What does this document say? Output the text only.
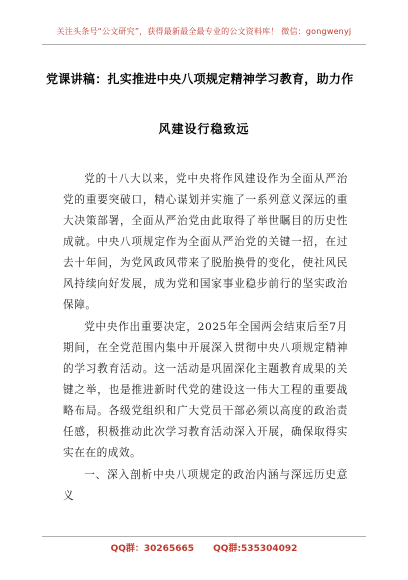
关注头条号“公文研究”，获得最新最全最专业的公文资料库！ 微信：gongwenyj
党课讲稿：扎实推进中央八项规定精神学习教育，助力作
风建设行稳致远

党的十八大以来，党中央将作风建设作为全面从严治党的重要突破口，精心谋划并实施了一系列意义深远的重大决策部署，全面从严治党由此取得了举世瞩目的历史性成就。中央八项规定作为全面从严治党的关键一招，在过去十年间，为党风政风带来了脱胎换骨的变化，使社风民风持续向好发展，成为党和国家事业稳步前行的坚实政治保障。

党中央作出重要决定，2025年全国两会结束后至7月期间，在全党范围内集中开展深入贯彻中央八项规定精神的学习教育活动。这一活动是巩固深化主题教育成果的关键之举，也是推进新时代党的建设这一伟大工程的重要战略布局。各级党组织和广大党员干部必须以高度的政治责任感，积极推动此次学习教育活动深入开展，确保取得实实在在的成效。

一、深入剖析中央八项规定的政治内涵与深远历史意义

QQ群：30265665 QQ群:535304092
